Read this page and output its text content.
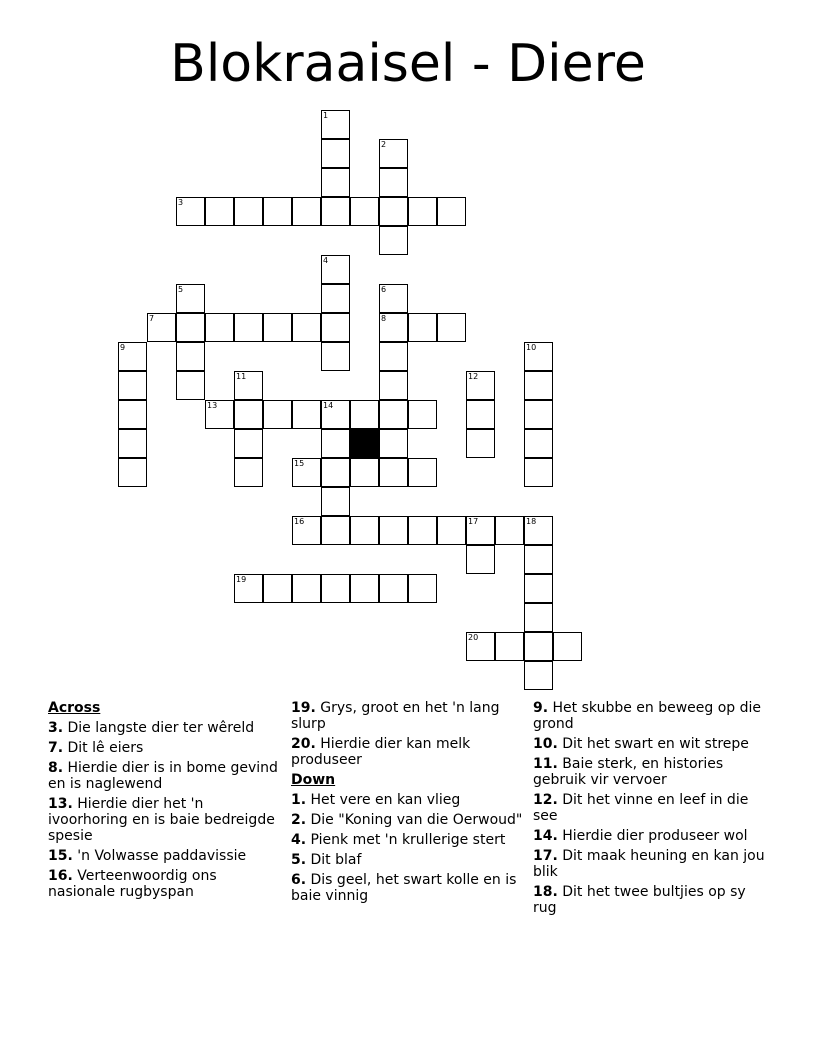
Blokraaisel - Diere
1
2
3
4
5	6
7	8
9	10
11	12
13	14
15
16	17	18
19
20
Across
3. Die langste dier ter wêreld
7. Dit lê eiers
8. Hierdie dier is in bome gevind en is naglewend
13. Hierdie dier het 'n ivoorhoring en is baie bedreigde spesie
15. 'n Volwasse paddavissie
16. Verteenwoordig ons nasionale rugbyspan
19. Grys, groot en het 'n lang slurp
20. Hierdie dier kan melk produseer
Down
1. Het vere en kan vlieg
2. Die "Koning van die Oerwoud"
4. Pienk met 'n krullerige stert
5. Dit blaf
6. Dis geel, het swart kolle en is baie vinnig
9. Het skubbe en beweeg op die grond
10. Dit het swart en wit strepe
11. Baie sterk, en histories gebruik vir vervoer
12. Dit het vinne en leef in die see
14. Hierdie dier produseer wol
17. Dit maak heuning en kan jou blik
18. Dit het twee bultjies op sy rug
